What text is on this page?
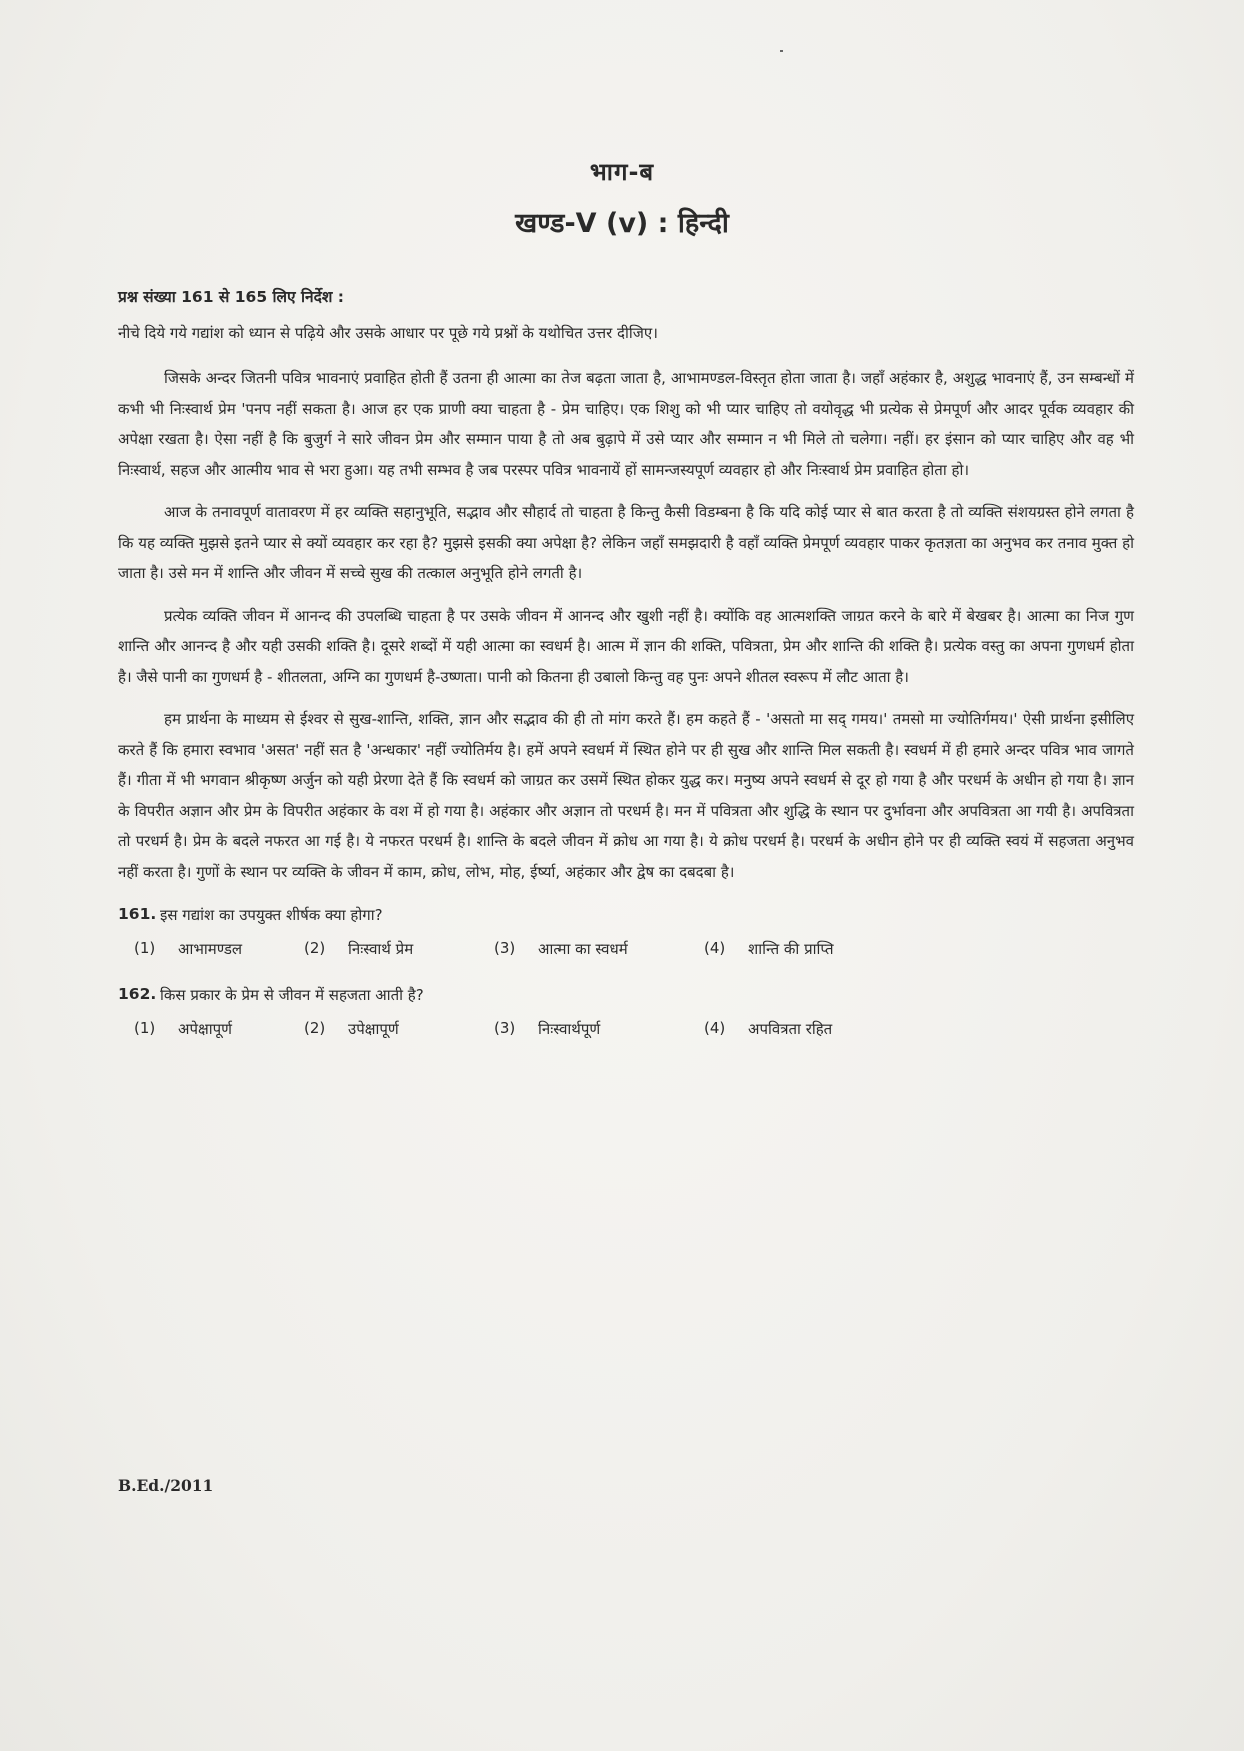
भाग-ब
खण्ड-V (v) : हिन्दी
प्रश्न संख्या 161 से 165 लिए निर्देश :
नीचे दिये गये गद्यांश को ध्यान से पढ़िये और उसके आधार पर पूछे गये प्रश्नों के यथोचित उत्तर दीजिए।

जिसके अन्दर जितनी पवित्र भावनाएं प्रवाहित होती हैं उतना ही आत्मा का तेज बढ़ता जाता है, आभामण्डल-विस्तृत होता जाता है। जहाँ अहंकार है, अशुद्ध भावनाएं हैं, उन सम्बन्धों में कभी भी निःस्वार्थ प्रेम 'पनप नहीं सकता है। आज हर एक प्राणी क्या चाहता है - प्रेम चाहिए। एक शिशु को भी प्यार चाहिए तो वयोवृद्ध भी प्रत्येक से प्रेमपूर्ण और आदर पूर्वक व्यवहार की अपेक्षा रखता है। ऐसा नहीं है कि बुजुर्ग ने सारे जीवन प्रेम और सम्मान पाया है तो अब बुढ़ापे में उसे प्यार और सम्मान न भी मिले तो चलेगा। नहीं। हर इंसान को प्यार चाहिए और वह भी निःस्वार्थ, सहज और आत्मीय भाव से भरा हुआ। यह तभी सम्भव है जब परस्पर पवित्र भावनायें हों सामन्जस्यपूर्ण व्यवहार हो और निःस्वार्थ प्रेम प्रवाहित होता हो।

आज के तनावपूर्ण वातावरण में हर व्यक्ति सहानुभूति, सद्भाव और सौहार्द तो चाहता है किन्तु कैसी विडम्बना है कि यदि कोई प्यार से बात करता है तो व्यक्ति संशयग्रस्त होने लगता है कि यह व्यक्ति मुझसे इतने प्यार से क्यों व्यवहार कर रहा है? मुझसे इसकी क्या अपेक्षा है? लेकिन जहाँ समझदारी है वहाँ व्यक्ति प्रेमपूर्ण व्यवहार पाकर कृतज्ञता का अनुभव कर तनाव मुक्त हो जाता है। उसे मन में शान्ति और जीवन में सच्चे सुख की तत्काल अनुभूति होने लगती है।

प्रत्येक व्यक्ति जीवन में आनन्द की उपलब्धि चाहता है पर उसके जीवन में आनन्द और खुशी नहीं है। क्योंकि वह आत्मशक्ति जाग्रत करने के बारे में बेखबर है। आत्मा का निज गुण शान्ति और आनन्द है और यही उसकी शक्ति है। दूसरे शब्दों में यही आत्मा का स्वधर्म है। आत्म में ज्ञान की शक्ति, पवित्रता, प्रेम और शान्ति की शक्ति है। प्रत्येक वस्तु का अपना गुणधर्म होता है। जैसे पानी का गुणधर्म है - शीतलता, अग्नि का गुणधर्म है-उष्णता। पानी को कितना ही उबालो किन्तु वह पुनः अपने शीतल स्वरूप में लौट आता है।

हम प्रार्थना के माध्यम से ईश्वर से सुख-शान्ति, शक्ति, ज्ञान और सद्भाव की ही तो मांग करते हैं। हम कहते हैं - 'असतो मा सद् गमय।' तमसो मा ज्योतिर्गमय।' ऐसी प्रार्थना इसीलिए करते हैं कि हमारा स्वभाव 'असत' नहीं सत है 'अन्धकार' नहीं ज्योतिर्मय है। हमें अपने स्वधर्म में स्थित होने पर ही सुख और शान्ति मिल सकती है। स्वधर्म में ही हमारे अन्दर पवित्र भाव जागते हैं। गीता में भी भगवान श्रीकृष्ण अर्जुन को यही प्रेरणा देते हैं कि स्वधर्म को जाग्रत कर उसमें स्थित होकर युद्ध कर। मनुष्य अपने स्वधर्म से दूर हो गया है और परधर्म के अधीन हो गया है। ज्ञान के विपरीत अज्ञान और प्रेम के विपरीत अहंकार के वश में हो गया है। अहंकार और अज्ञान तो परधर्म है। मन में पवित्रता और शुद्धि के स्थान पर दुर्भावना और अपवित्रता आ गयी है। अपवित्रता तो परधर्म है। प्रेम के बदले नफरत आ गई है। ये नफरत परधर्म है। शान्ति के बदले जीवन में क्रोध आ गया है। ये क्रोध परधर्म है। परधर्म के अधीन होने पर ही व्यक्ति स्वयं में सहजता अनुभव नहीं करता है। गुणों के स्थान पर व्यक्ति के जीवन में काम, क्रोध, लोभ, मोह, ईर्ष्या, अहंकार और द्वेष का दबदबा है।

161. इस गद्यांश का उपयुक्त शीर्षक क्या होगा?
(1)	आभामण्डल	(2)	निःस्वार्थ प्रेम	(3)	आत्मा का स्वधर्म	(4)	शान्ति की प्राप्ति
162. किस प्रकार के प्रेम से जीवन में सहजता आती है?
(1)	अपेक्षापूर्ण	(2)	उपेक्षापूर्ण	(3)	निःस्वार्थपूर्ण	(4)	अपवित्रता रहित
B.Ed./2011
